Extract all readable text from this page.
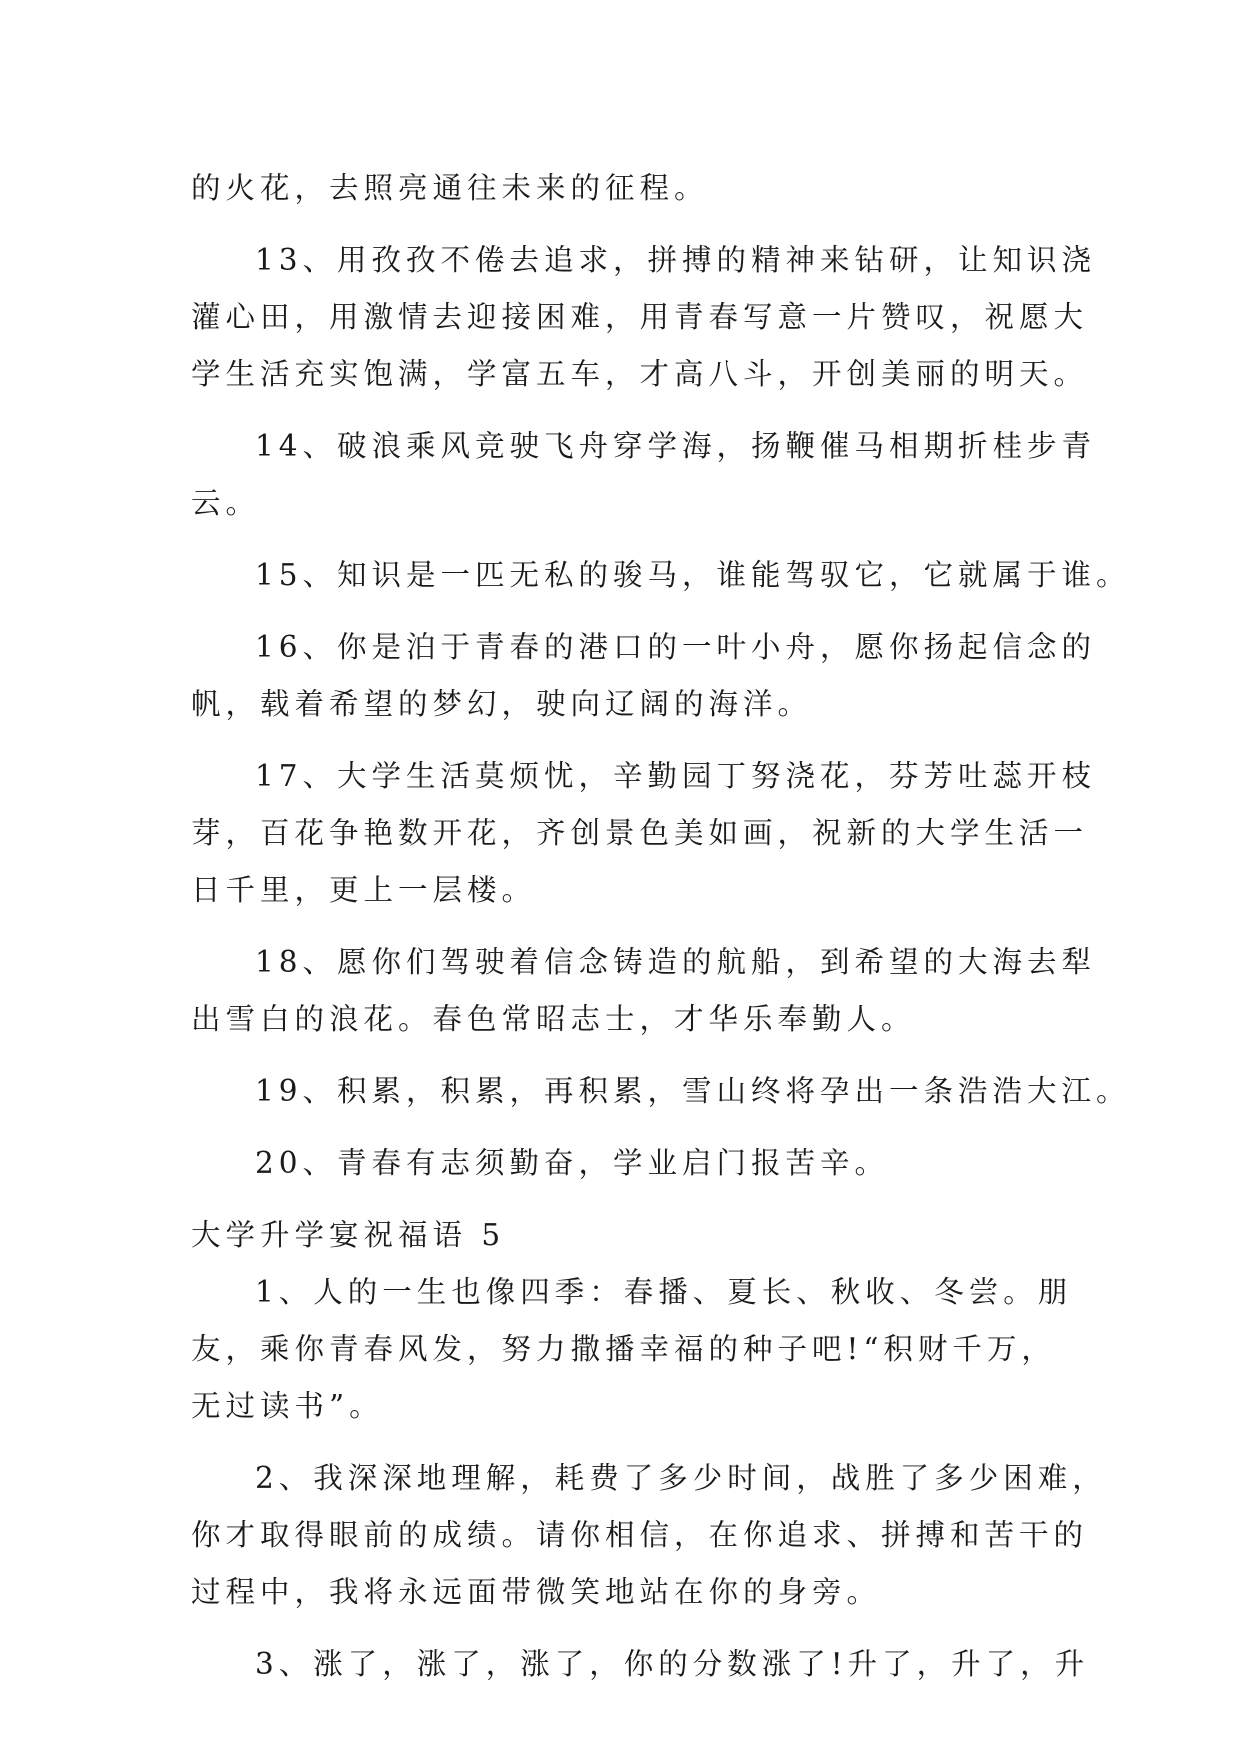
的火花，去照亮通往未来的征程。
13、用孜孜不倦去追求，拼搏的精神来钻研，让知识浇
灌心田，用激情去迎接困难，用青春写意一片赞叹，祝愿大
学生活充实饱满，学富五车，才高八斗，开创美丽的明天。
14、破浪乘风竞驶飞舟穿学海，扬鞭催马相期折桂步青
云。
15、知识是一匹无私的骏马，谁能驾驭它，它就属于谁。
16、你是泊于青春的港口的一叶小舟，愿你扬起信念的
帆，载着希望的梦幻，驶向辽阔的海洋。
17、大学生活莫烦忧，辛勤园丁努浇花，芬芳吐蕊开枝
芽，百花争艳数开花，齐创景色美如画，祝新的大学生活一
日千里，更上一层楼。
18、愿你们驾驶着信念铸造的航船，到希望的大海去犁
出雪白的浪花。春色常昭志士，才华乐奉勤人。
19、积累，积累，再积累，雪山终将孕出一条浩浩大江。
20、青春有志须勤奋，学业启门报苦辛。
大学升学宴祝福语 5
1、人的一生也像四季：春播、夏长、秋收、冬尝。朋
友，乘你青春风发，努力撒播幸福的种子吧!“积财千万，
无过读书”。
2、我深深地理解，耗费了多少时间，战胜了多少困难，
你才取得眼前的成绩。请你相信，在你追求、拼搏和苦干的
过程中，我将永远面带微笑地站在你的身旁。
3、涨了，涨了，涨了，你的分数涨了!升了，升了，升
